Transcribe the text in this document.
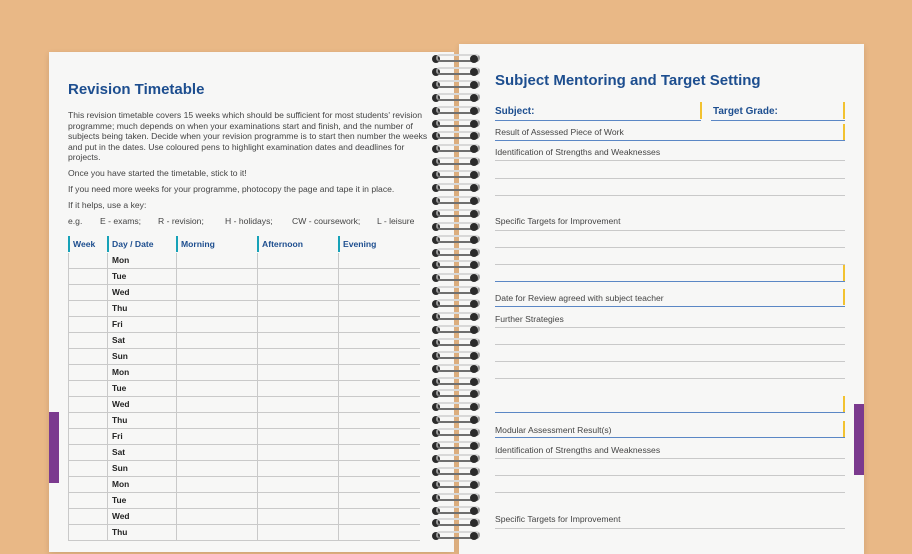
Revision Timetable
This revision timetable covers 15 weeks which should be sufficient for most students' revision programme; much depends on when your examinations start and finish, and the number of subjects being taken. Decide when your revision programme is to start then number the weeks and put in the dates. Use coloured pens to highlight examination dates and deadlines for projects.
Once you have started the timetable, stick to it!
If you need more weeks for your programme, photocopy the page and tape it in place.
If it helps, use a key:
e.g. E - exams; R - revision; H - holidays; CW - coursework; L - leisure
Week	Day / Date	Morning	Afternoon	Evening
Mon
Tue
Wed
Thu
Fri
Sat
Sun
Mon
Tue
Wed
Thu
Fri
Sat
Sun
Mon
Tue
Wed
Thu
Subject Mentoring and Target Setting
Subject:	Target Grade:
Result of Assessed Piece of Work
Identification of Strengths and Weaknesses
Specific Targets for Improvement
Date for Review agreed with subject teacher
Further Strategies
Modular Assessment Result(s)
Identification of Strengths and Weaknesses
Specific Targets for Improvement
